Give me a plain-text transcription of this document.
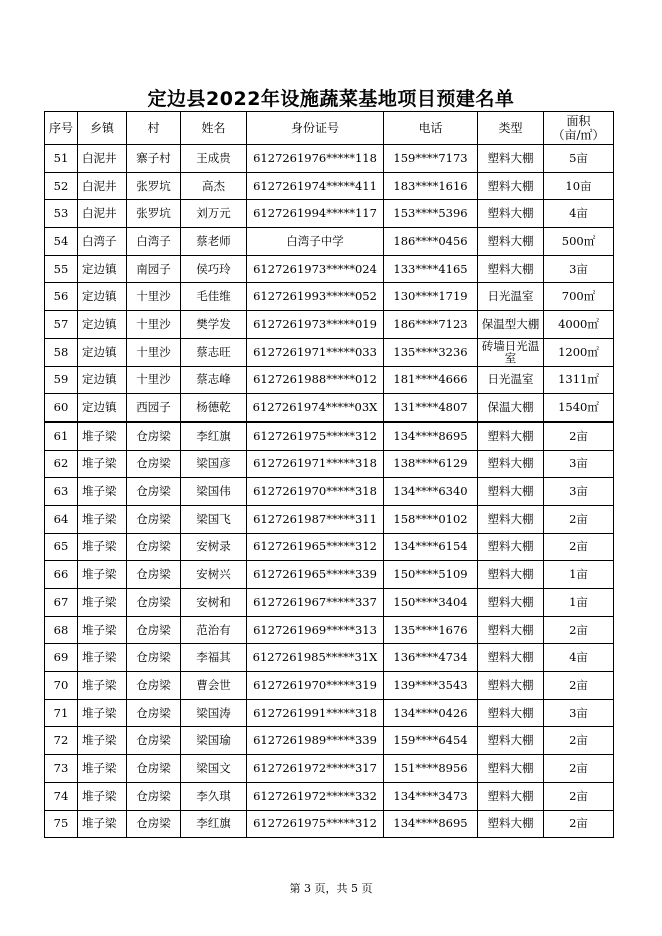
定边县2022年设施蔬菜基地项目预建名单
序号	乡镇	村	姓名	身份证号	电话	类型	面积
（亩/㎡）
51	白泥井	寨子村	王成贵	6127261976*****118	159****7173	塑料大棚	5亩
52	白泥井	张罗坑	高杰	6127261974*****411	183****1616	塑料大棚	10亩
53	白泥井	张罗坑	刘万元	6127261994*****117	153****5396	塑料大棚	4亩
54	白湾子	白湾子	蔡老师	白湾子中学	186****0456	塑料大棚	500㎡
55	定边镇	南园子	侯巧玲	6127261973*****024	133****4165	塑料大棚	3亩
56	定边镇	十里沙	毛佳维	6127261993*****052	130****1719	日光温室	700㎡
57	定边镇	十里沙	樊学发	6127261973*****019	186****7123	保温型大棚	4000㎡
58	定边镇	十里沙	蔡志旺	6127261971*****033	135****3236	砖墙日光温室	1200㎡
59	定边镇	十里沙	蔡志峰	6127261988*****012	181****4666	日光温室	1311㎡
60	定边镇	西园子	杨德乾	6127261974*****03X	131****4807	保温大棚	1540㎡
61	堆子梁	仓房梁	李红旗	6127261975*****312	134****8695	塑料大棚	2亩
62	堆子梁	仓房梁	梁国彦	6127261971*****318	138****6129	塑料大棚	3亩
63	堆子梁	仓房梁	梁国伟	6127261970*****318	134****6340	塑料大棚	3亩
64	堆子梁	仓房梁	梁国飞	6127261987*****311	158****0102	塑料大棚	2亩
65	堆子梁	仓房梁	安树录	6127261965*****312	134****6154	塑料大棚	2亩
66	堆子梁	仓房梁	安树兴	6127261965*****339	150****5109	塑料大棚	1亩
67	堆子梁	仓房梁	安树和	6127261967*****337	150****3404	塑料大棚	1亩
68	堆子梁	仓房梁	范治有	6127261969*****313	135****1676	塑料大棚	2亩
69	堆子梁	仓房梁	李福其	6127261985*****31X	136****4734	塑料大棚	4亩
70	堆子梁	仓房梁	曹会世	6127261970*****319	139****3543	塑料大棚	2亩
71	堆子梁	仓房梁	梁国涛	6127261991*****318	134****0426	塑料大棚	3亩
72	堆子梁	仓房梁	梁国瑜	6127261989*****339	159****6454	塑料大棚	2亩
73	堆子梁	仓房梁	梁国文	6127261972*****317	151****8956	塑料大棚	2亩
74	堆子梁	仓房梁	李久琪	6127261972*****332	134****3473	塑料大棚	2亩
75	堆子梁	仓房梁	李红旗	6127261975*****312	134****8695	塑料大棚	2亩
第 3 页，共 5 页
